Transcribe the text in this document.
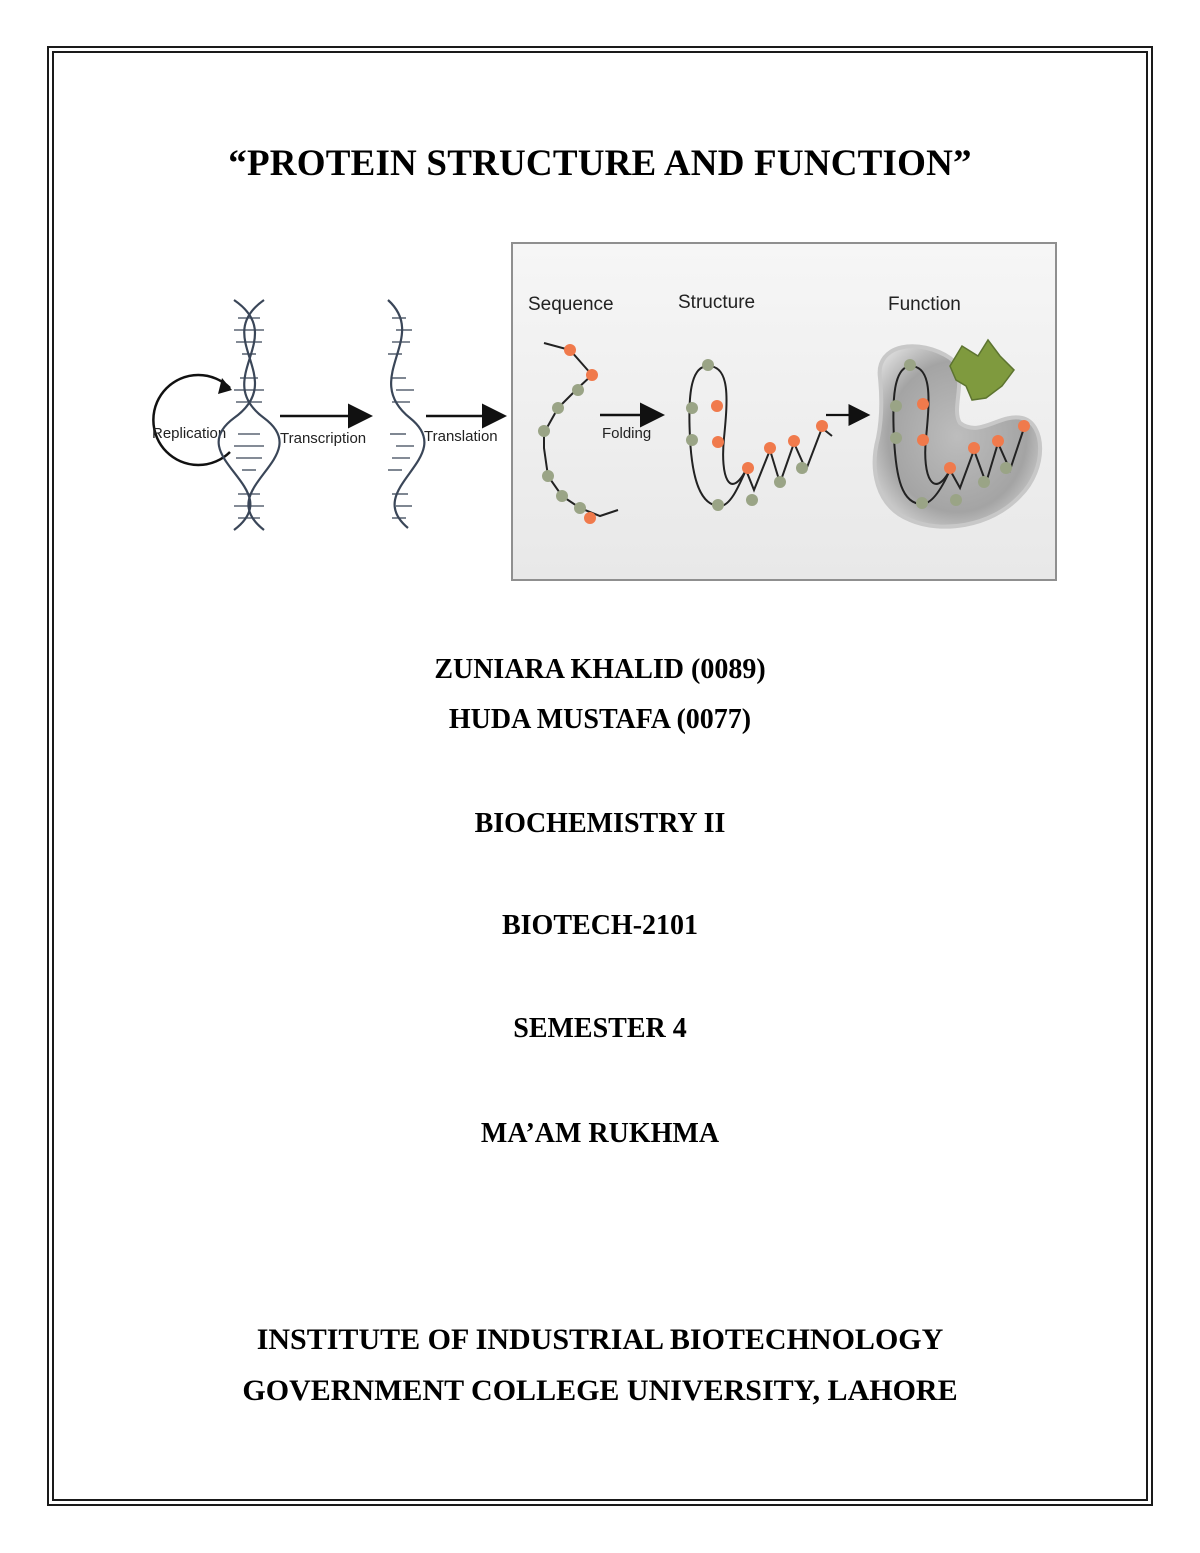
“PROTEIN STRUCTURE AND FUNCTION”
Replication	Transcription	Translation
Sequence	Structure	Function
Folding
ZUNIARA KHALID (0089)
HUDA MUSTAFA (0077)
BIOCHEMISTRY II
BIOTECH-2101
SEMESTER 4
MA’AM RUKHMA
INSTITUTE OF INDUSTRIAL BIOTECHNOLOGY
GOVERNMENT COLLEGE UNIVERSITY, LAHORE
